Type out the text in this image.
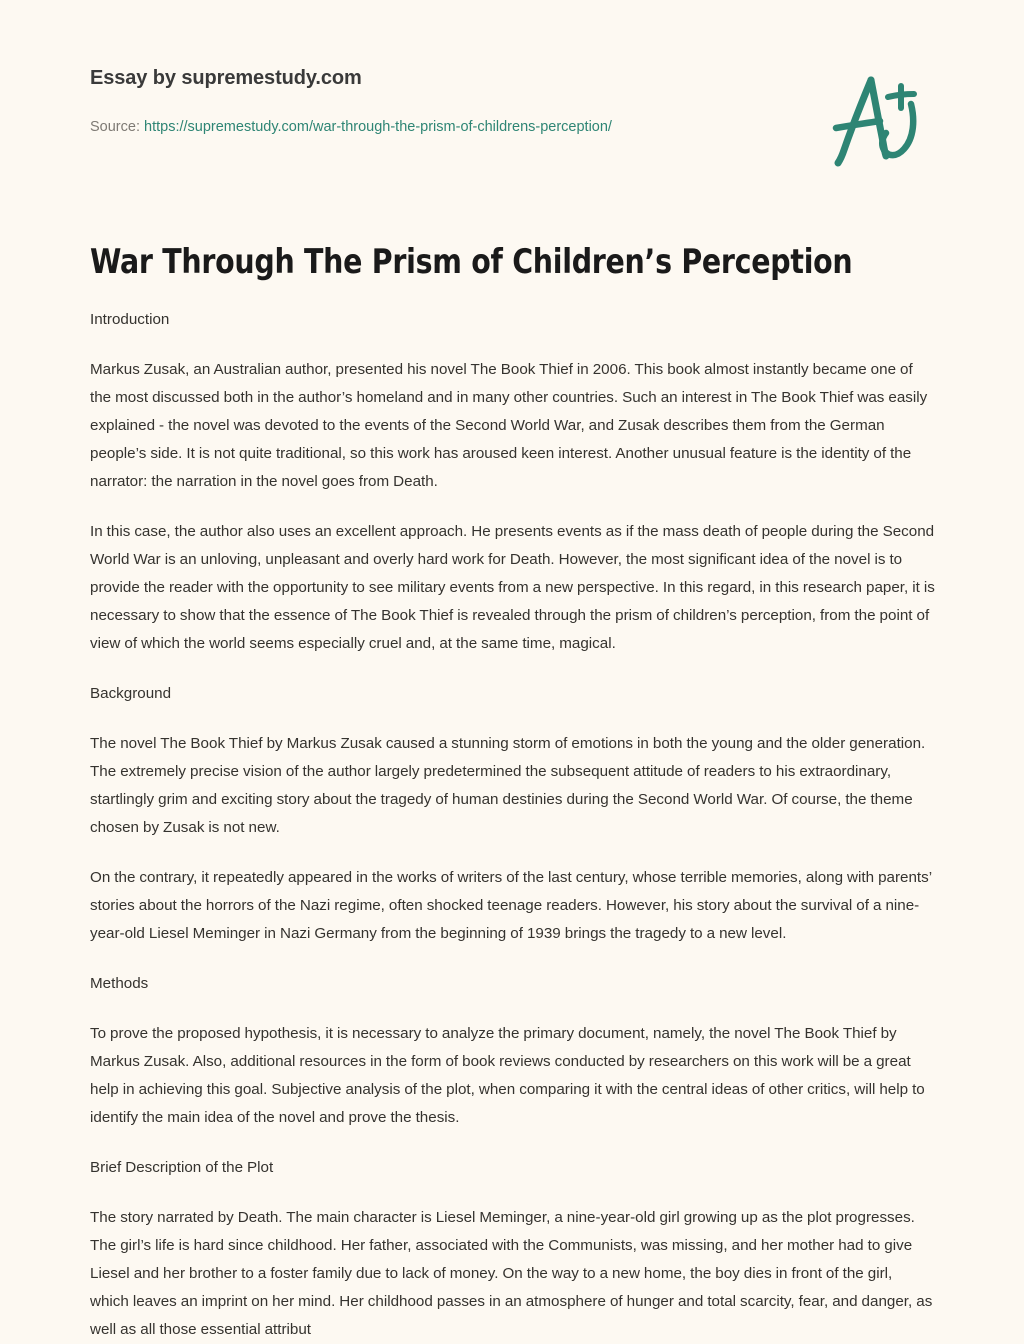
Essay by supremestudy.com
Source: https://supremestudy.com/war-through-the-prism-of-childrens-perception/
War Through The Prism of Children’s Perception

Introduction

Markus Zusak, an Australian author, presented his novel The Book Thief in 2006. This book almost instantly became one of the most discussed both in the author’s homeland and in many other countries. Such an interest in The Book Thief was easily explained - the novel was devoted to the events of the Second World War, and Zusak describes them from the German people’s side. It is not quite traditional, so this work has aroused keen interest. Another unusual feature is the identity of the narrator: the narration in the novel goes from Death.

In this case, the author also uses an excellent approach. He presents events as if the mass death of people during the Second World War is an unloving, unpleasant and overly hard work for Death. However, the most significant idea of the novel is to provide the reader with the opportunity to see military events from a new perspective. In this regard, in this research paper, it is necessary to show that the essence of The Book Thief is revealed through the prism of children’s perception, from the point of view of which the world seems especially cruel and, at the same time, magical.

Background

The novel The Book Thief by Markus Zusak caused a stunning storm of emotions in both the young and the older generation. The extremely precise vision of the author largely predetermined the subsequent attitude of readers to his extraordinary, startlingly grim and exciting story about the tragedy of human destinies during the Second World War. Of course, the theme chosen by Zusak is not new.

On the contrary, it repeatedly appeared in the works of writers of the last century, whose terrible memories, along with parents’ stories about the horrors of the Nazi regime, often shocked teenage readers. However, his story about the survival of a nine-year-old Liesel Meminger in Nazi Germany from the beginning of 1939 brings the tragedy to a new level.

Methods

To prove the proposed hypothesis, it is necessary to analyze the primary document, namely, the novel The Book Thief by Markus Zusak. Also, additional resources in the form of book reviews conducted by researchers on this work will be a great help in achieving this goal. Subjective analysis of the plot, when comparing it with the central ideas of other critics, will help to identify the main idea of the novel and prove the thesis.

Brief Description of the Plot

The story narrated by Death. The main character is Liesel Meminger, a nine-year-old girl growing up as the plot progresses. The girl’s life is hard since childhood. Her father, associated with the Communists, was missing, and her mother had to give Liesel and her brother to a foster family due to lack of money. On the way to a new home, the boy dies in front of the girl, which leaves an imprint on her mind. Her childhood passes in an atmosphere of hunger and total scarcity, fear, and danger, as well as all those essential attribut
